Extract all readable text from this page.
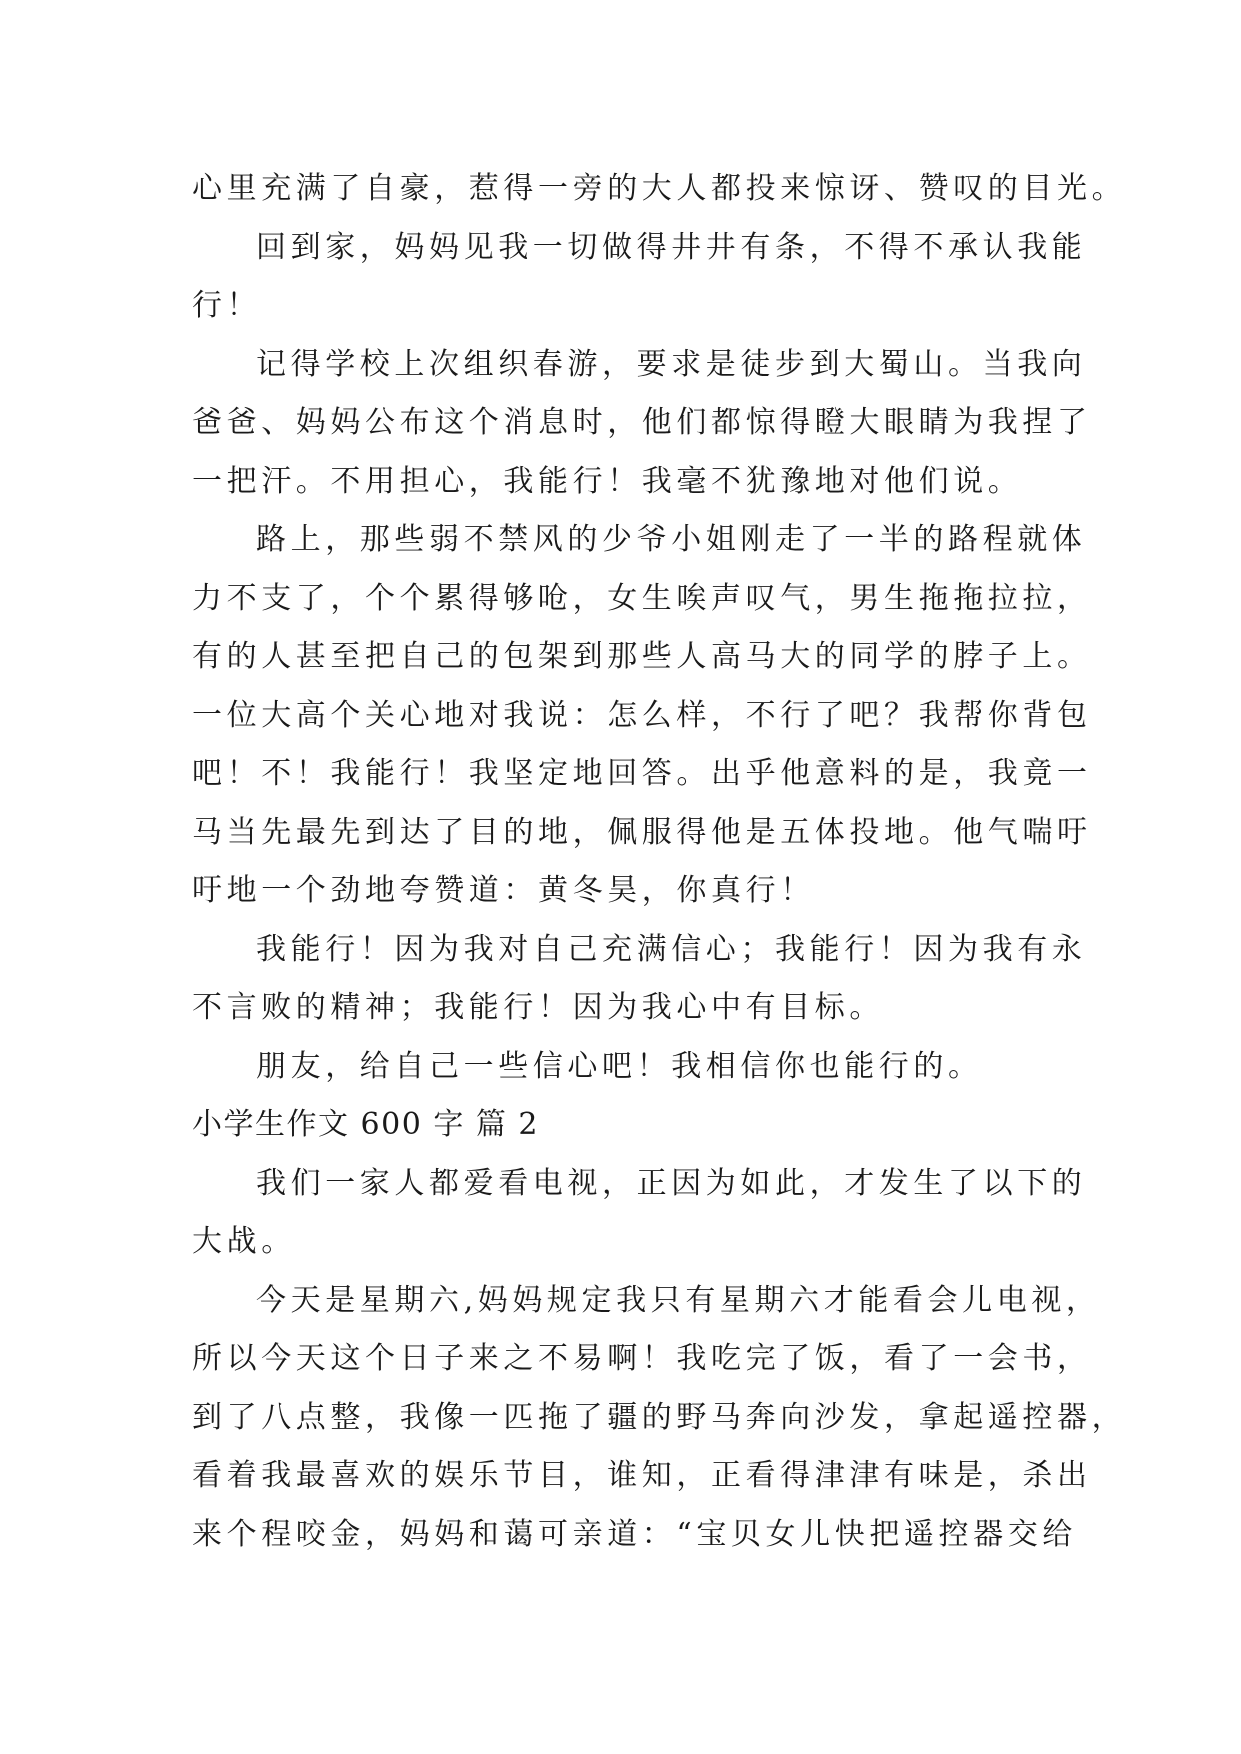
心里充满了自豪，惹得一旁的大人都投来惊讶、赞叹的目光。
回到家，妈妈见我一切做得井井有条，不得不承认我能
行！
记得学校上次组织春游，要求是徒步到大蜀山。当我向
爸爸、妈妈公布这个消息时，他们都惊得瞪大眼睛为我捏了
一把汗。不用担心，我能行！我毫不犹豫地对他们说。
路上，那些弱不禁风的少爷小姐刚走了一半的路程就体
力不支了，个个累得够呛，女生唉声叹气，男生拖拖拉拉，
有的人甚至把自己的包架到那些人高马大的同学的脖子上。
一位大高个关心地对我说：怎么样，不行了吧？我帮你背包
吧！不！我能行！我坚定地回答。出乎他意料的是，我竟一
马当先最先到达了目的地，佩服得他是五体投地。他气喘吁
吁地一个劲地夸赞道：黄冬昊，你真行！
我能行！因为我对自己充满信心；我能行！因为我有永
不言败的精神；我能行！因为我心中有目标。
朋友，给自己一些信心吧！我相信你也能行的。
小学生作文 600 字 篇 2
我们一家人都爱看电视，正因为如此，才发生了以下的
大战。
今天是星期六,妈妈规定我只有星期六才能看会儿电视，
所以今天这个日子来之不易啊！我吃完了饭，看了一会书，
到了八点整，我像一匹拖了疆的野马奔向沙发，拿起遥控器，
看着我最喜欢的娱乐节目，谁知，正看得津津有味是，杀出
来个程咬金，妈妈和蔼可亲道：“宝贝女儿快把遥控器交给
